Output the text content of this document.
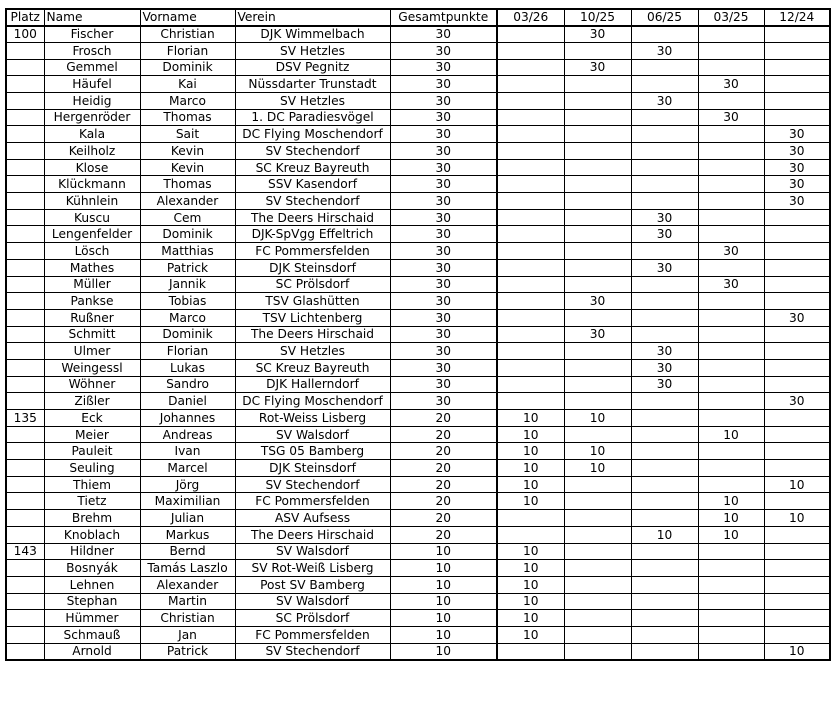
Platz	Name	Vorname	Verein	Gesamtpunkte	03/26	10/25	06/25	03/25	12/24
100	Fischer	Christian	DJK Wimmelbach	30		30			
	Frosch	Florian	SV Hetzles	30			30		
	Gemmel	Dominik	DSV Pegnitz	30		30			
	Häufel	Kai	Nüssdarter Trunstadt	30				30	
	Heidig	Marco	SV Hetzles	30			30		
	Hergenröder	Thomas	1. DC Paradiesvögel	30				30	
	Kala	Sait	DC Flying Moschendorf	30					30
	Keilholz	Kevin	SV Stechendorf	30					30
	Klose	Kevin	SC Kreuz Bayreuth	30					30
	Klückmann	Thomas	SSV Kasendorf	30					30
	Kühnlein	Alexander	SV Stechendorf	30					30
	Kuscu	Cem	The Deers Hirschaid	30			30		
	Lengenfelder	Dominik	DJK-SpVgg Effeltrich	30			30		
	Lösch	Matthias	FC Pommersfelden	30				30	
	Mathes	Patrick	DJK Steinsdorf	30			30		
	Müller	Jannik	SC Prölsdorf	30				30	
	Pankse	Tobias	TSV Glashütten	30		30			
	Rußner	Marco	TSV Lichtenberg	30					30
	Schmitt	Dominik	The Deers Hirschaid	30		30			
	Ulmer	Florian	SV Hetzles	30			30		
	Weingessl	Lukas	SC Kreuz Bayreuth	30			30		
	Wöhner	Sandro	DJK Hallerndorf	30			30		
	Zißler	Daniel	DC Flying Moschendorf	30					30
135	Eck	Johannes	Rot-Weiss Lisberg	20	10	10			
	Meier	Andreas	SV Walsdorf	20	10			10	
	Pauleit	Ivan	TSG 05 Bamberg	20	10	10			
	Seuling	Marcel	DJK Steinsdorf	20	10	10			
	Thiem	Jörg	SV Stechendorf	20	10				10
	Tietz	Maximilian	FC Pommersfelden	20	10			10	
	Brehm	Julian	ASV Aufsess	20				10	10
	Knoblach	Markus	The Deers Hirschaid	20			10	10	
143	Hildner	Bernd	SV Walsdorf	10	10				
	Bosnyák	Tamás Laszlo	SV Rot-Weiß Lisberg	10	10				
	Lehnen	Alexander	Post SV Bamberg	10	10				
	Stephan	Martin	SV Walsdorf	10	10				
	Hümmer	Christian	SC Prölsdorf	10	10				
	Schmauß	Jan	FC Pommersfelden	10	10				
	Arnold	Patrick	SV Stechendorf	10					10
